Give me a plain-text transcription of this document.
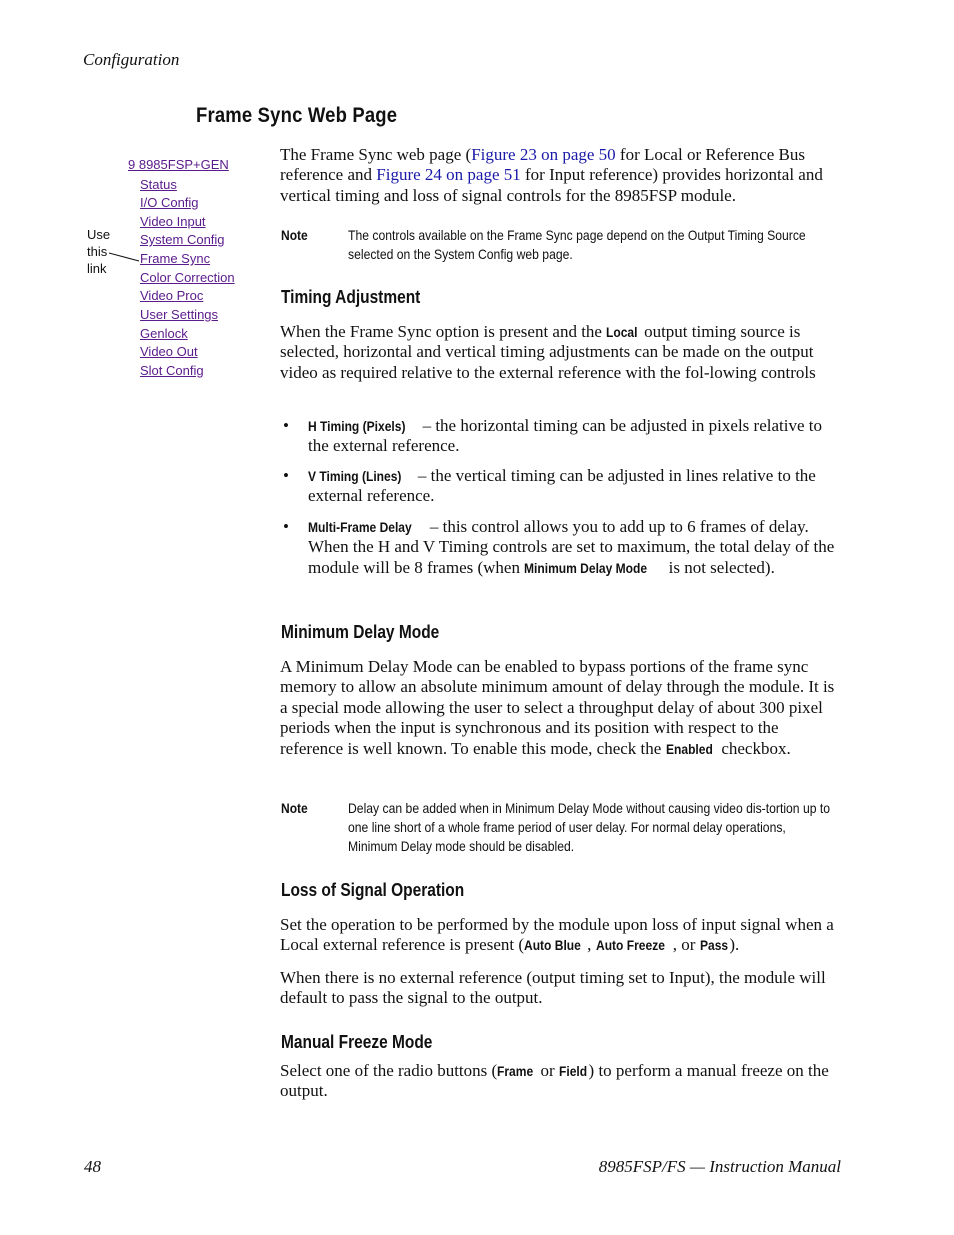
Configuration
Frame Sync Web Page
9 8985FSP+GEN
Status
I/O Config
Video Input
System Config
Frame Sync
Color Correction
Video Proc
User Settings
Genlock
Video Out
Slot Config
Use
this
link

The Frame Sync web page (Figure 23 on page 50 for Local or Reference Bus reference and Figure 24 on page 51 for Input reference) provides horizontal and vertical timing and loss of signal controls for the 8985FSP module.

Note	The controls available on the Frame Sync page depend on the Output Timing Source selected on the System Config web page.
Timing Adjustment

When the Frame Sync option is present and the Local output timing source is selected, horizontal and vertical timing adjustments can be made on the output video as required relative to the external reference with the fol-lowing controls

• H Timing (Pixels) – the horizontal timing can be adjusted in pixels relative to the external reference.
• V Timing (Lines) – the vertical timing can be adjusted in lines relative to the external reference.
• Multi-Frame Delay – this control allows you to add up to 6 frames of delay. When the H and V Timing controls are set to maximum, the total delay of the module will be 8 frames (when Minimum Delay Mode is not selected).
Minimum Delay Mode

A Minimum Delay Mode can be enabled to bypass portions of the frame sync memory to allow an absolute minimum amount of delay through the module. It is a special mode allowing the user to select a throughput delay of about 300 pixel periods when the input is synchronous and its position with respect to the reference is well known. To enable this mode, check the Enabled checkbox.

Note	Delay can be added when in Minimum Delay Mode without causing video dis-tortion up to one line short of a whole frame period of user delay. For normal delay operations, Minimum Delay mode should be disabled.
Loss of Signal Operation

Set the operation to be performed by the module upon loss of input signal when a Local external reference is present (Auto Blue , Auto Freeze , or Pass).

When there is no external reference (output timing set to Input), the module will default to pass the signal to the output.

Manual Freeze Mode

Select one of the radio buttons (Frame or Field) to perform a manual freeze on the output.

48	8985FSP/FS — Instruction Manual
